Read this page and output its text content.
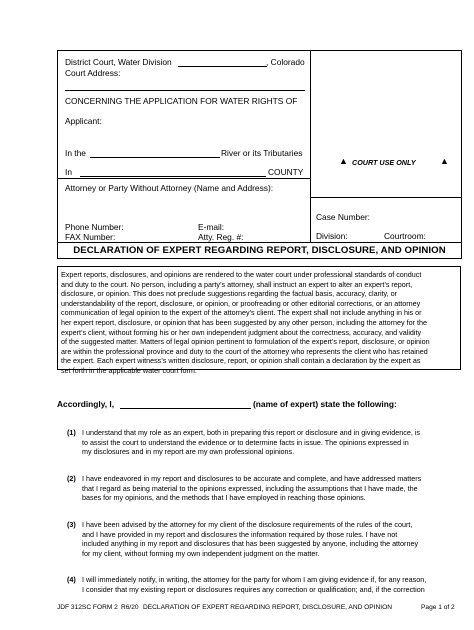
District Court, Water Division	, Colorado
Court Address:
CONCERNING THE APPLICATION FOR WATER RIGHTS OF
Applicant:
In the	River or its Tributaries
In	COUNTY
▲ COURT USE ONLY	▲
Attorney or Party Without Attorney (Name and Address):
Phone Number:	E-mail:
FAX Number:	Atty. Reg. #:
Case Number:
Division:	Courtroom:
DECLARATION OF EXPERT REGARDING REPORT, DISCLOSURE, AND OPINION
Expert reports, disclosures, and opinions are rendered to the water court under professional standards of conduct
and duty to the court. No person, including a party’s attorney, shall instruct an expert to alter an expert’s report,
disclosure, or opinion. This does not preclude suggestions regarding the factual basis, accuracy, clarity, or
understandability of the report, disclosure, or opinion, or proofreading or other editorial corrections, or an attorney
communication of legal opinion to the expert of the attorney’s client. The expert shall not include anything in his or
her expert report, disclosure, or opinion that has been suggested by any other person, including the attorney for the
expert’s client, without forming his or her own independent judgment about the correctness, accuracy, and validity
of the suggested matter. Matters of legal opinion pertinent to formulation of the expert’s report, disclosure, or opinion
are within the professional province and duty to the court of the attorney who represents the client who has retained
the expert. Each expert witness’s written disclosure, report, or opinion shall contain a declaration by the expert as
set forth in the applicable water court form.
Accordingly, I,	(name of expert) state the following:
(1) I understand that my role as an expert, both in preparing this report or disclosure and in giving evidence, is
to assist the court to understand the evidence or to determine facts in issue. The opinions expressed in
my disclosures and in my report are my own professional opinions.
(2) I have endeavored in my report and disclosures to be accurate and complete, and have addressed matters
that I regard as being material to the opinions expressed, including the assumptions that I have made, the
bases for my opinions, and the methods that I have employed in reaching those opinions.
(3) I have been advised by the attorney for my client of the disclosure requirements of the rules of the court,
and I have provided in my report and disclosures the information required by those rules. I have not
included anything in my report and disclosures that has been suggested by anyone, including the attorney
for my client, without forming my own independent judgment on the matter.
(4) I will immediately notify, in writing, the attorney for the party for whom I am giving evidence if, for any reason,
I consider that my existing report or disclosures requires any correction or qualification; and, if the correction
JDF 312SC FORM 2 R6/20 DECLARATION OF EXPERT REGARDING REPORT, DISCLOSURE, AND OPINION	Page 1 of 2
